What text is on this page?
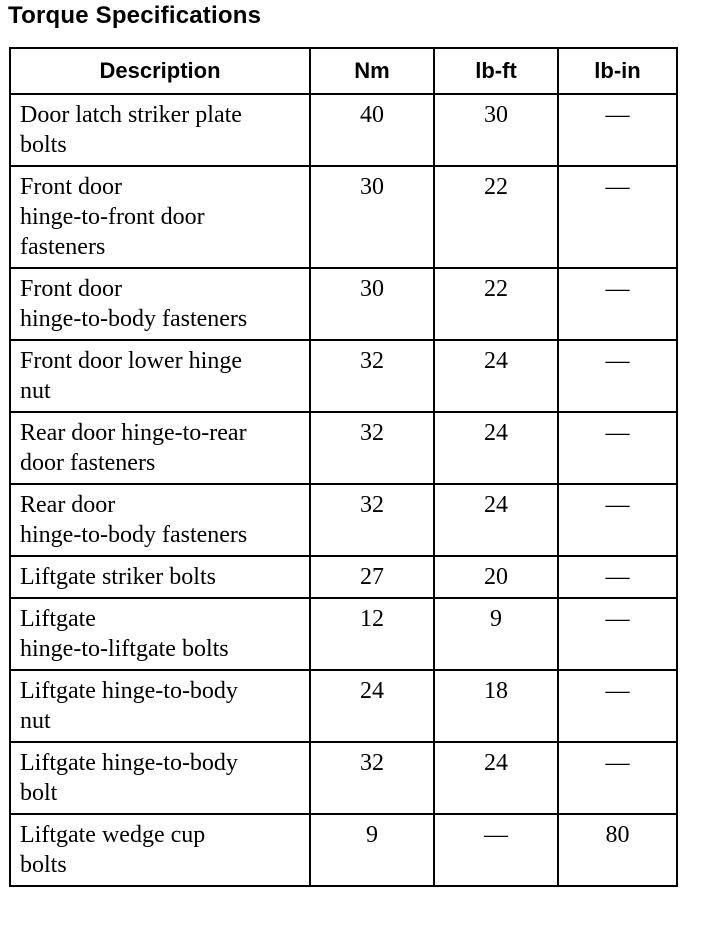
Torque Specifications
Description	Nm	lb-ft	lb-in

Door latch striker plate
bolts	40	30	—

Front door
hinge-to-front door
fasteners	30	22	—

Front door
hinge-to-body fasteners	30	22	—

Front door lower hinge
nut	32	24	—

Rear door hinge-to-rear
door fasteners	32	24	—

Rear door
hinge-to-body fasteners	32	24	—

Liftgate striker bolts	27	20	—

Liftgate
hinge-to-liftgate bolts	12	9	—

Liftgate hinge-to-body
nut	24	18	—

Liftgate hinge-to-body
bolt	32	24	—

Liftgate wedge cup
bolts	9	—	80
